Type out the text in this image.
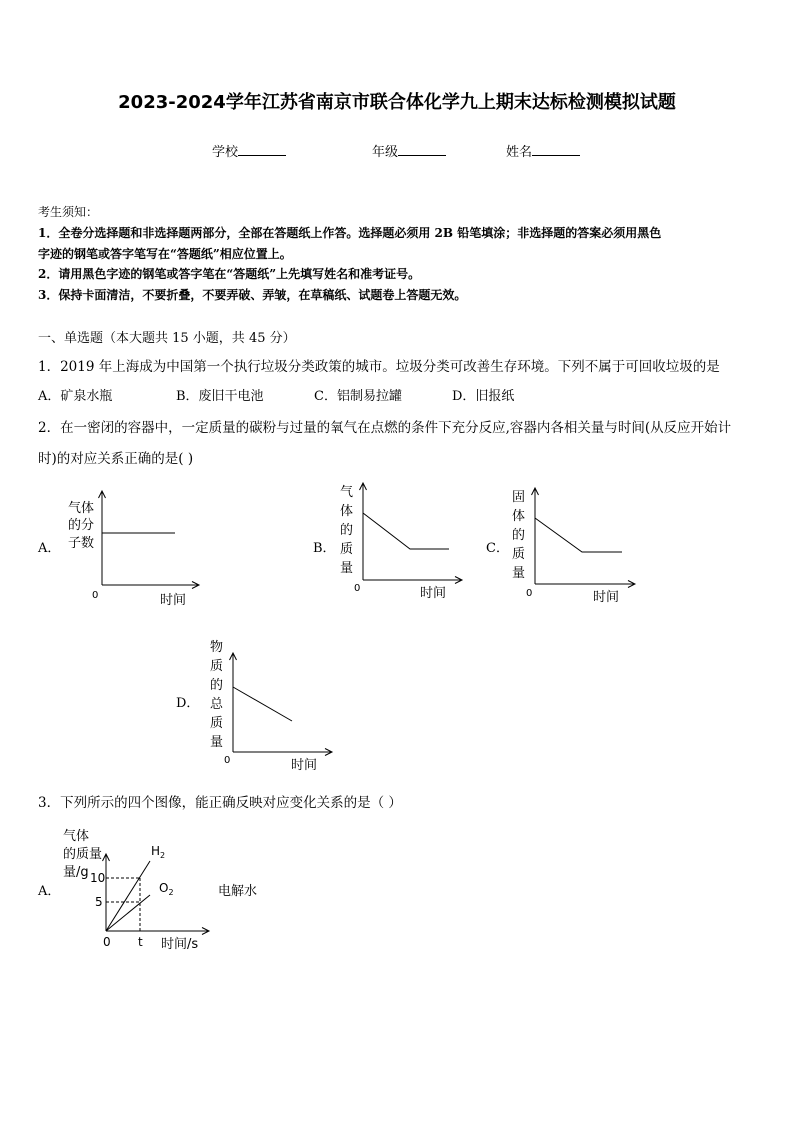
2023-2024学年江苏省南京市联合体化学九上期末达标检测模拟试题
学校	年级	姓名
考生须知：
1．全卷分选择题和非选择题两部分，全部在答题纸上作答。选择题必须用 2B 铅笔填涂；非选择题的答案必须用黑色
字迹的钢笔或答字笔写在“答题纸”相应位置上。
2．请用黑色字迹的钢笔或答字笔在“答题纸”上先填写姓名和准考证号。
3．保持卡面清洁，不要折叠，不要弄破、弄皱，在草稿纸、试题卷上答题无效。
一、单选题（本大题共 15 小题，共 45 分）
1．2019 年上海成为中国第一个执行垃圾分类政策的城市。垃圾分类可改善生存环境。下列不属于可回收垃圾的是
A．矿泉水瓶	B．废旧干电池	C．铝制易拉罐	D．旧报纸
2．在一密闭的容器中，一定质量的碳粉与过量的氧气在点燃的条件下充分反应,容器内各相关量与时间(从反应开始计
时)的对应关系正确的是( )
A．
气体
的分
子数
0	时间
B．
气
体
的
质
量
0	时间
C．
固
体
的
质
量
0	时间
D．
物
质
的
总
质
量
0	时间
3．下列所示的四个图像，能正确反映对应变化关系的是（ ）
A．
气体
的质量
量/g 10
5
$H_2$
$O_2$
0 t 时间/s
电解水
